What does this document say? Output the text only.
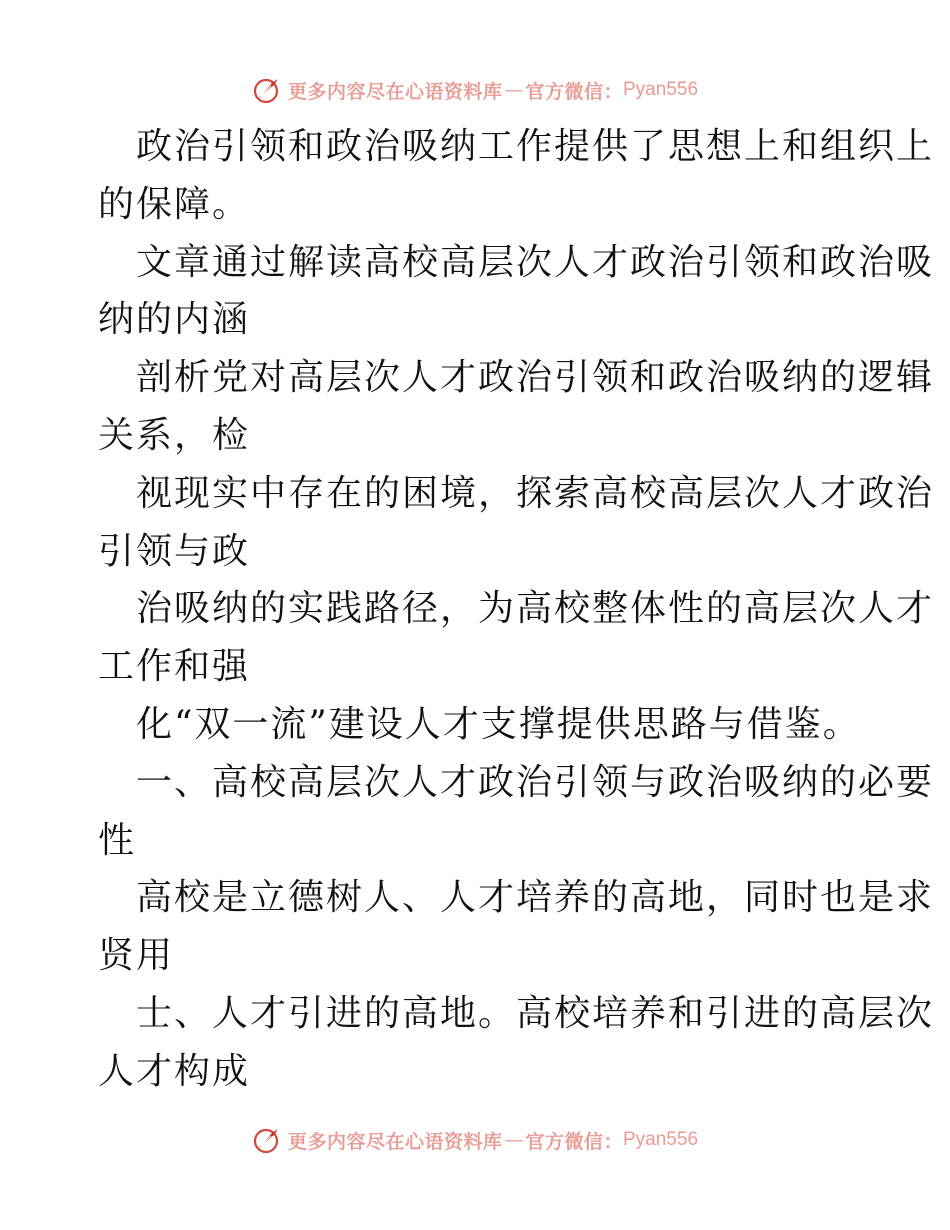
更多内容尽在心语资料库 — 官方微信： Pyan556
政治引领和政治吸纳工作提供了思想上和组织上
的保障。
文章通过解读高校高层次人才政治引领和政治吸
纳的内涵
剖析党对高层次人才政治引领和政治吸纳的逻辑
关系，检
视现实中存在的困境，探索高校高层次人才政治
引领与政
治吸纳的实践路径，为高校整体性的高层次人才
工作和强
化“双一流”建设人才支撑提供思路与借鉴。
一、高校高层次人才政治引领与政治吸纳的必要
性
高校是立德树人、人才培养的高地，同时也是求
贤用
士、人才引进的高地。高校培养和引进的高层次
人才构成
更多内容尽在心语资料库 — 官方微信： Pyan556
